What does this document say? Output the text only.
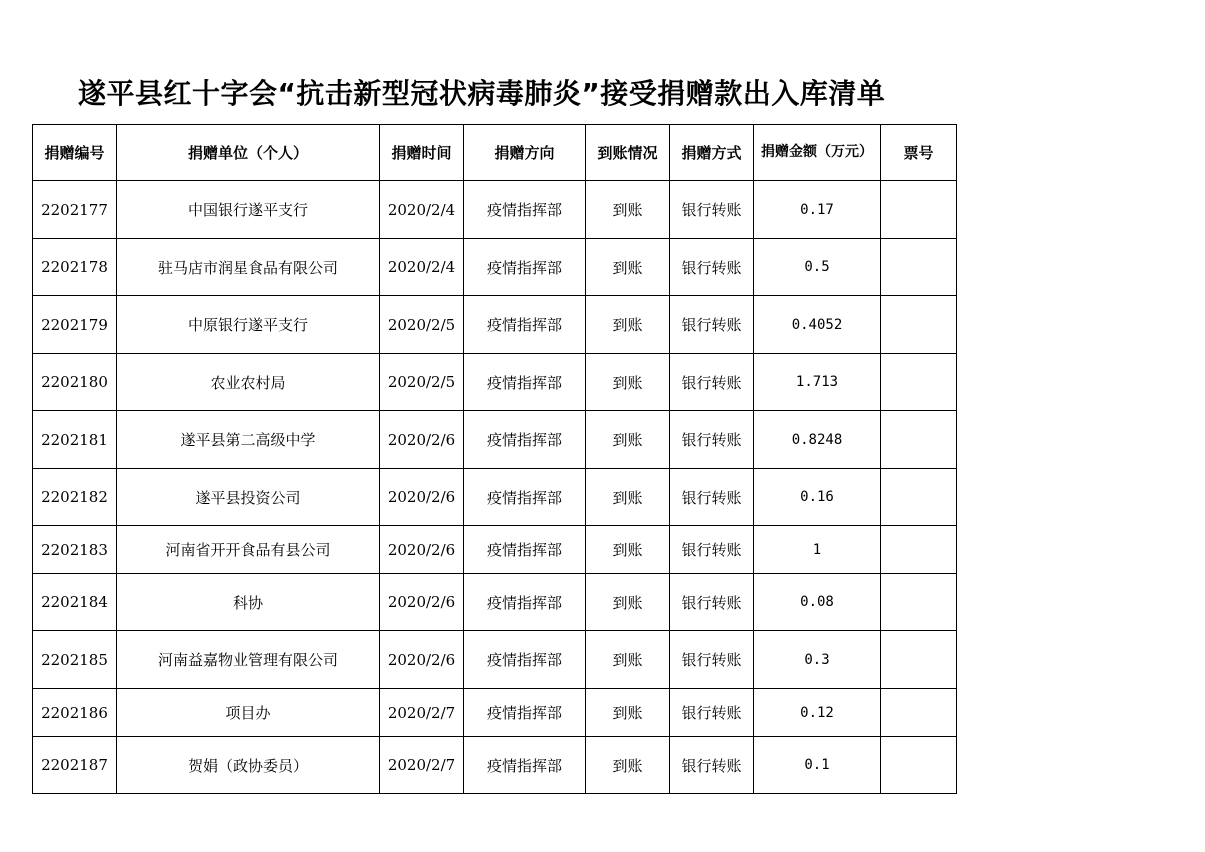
遂平县红十字会“抗击新型冠状病毒肺炎”接受捐赠款出入库清单
捐赠编号	捐赠单位（个人）	捐赠时间	捐赠方向	到账情况	捐赠方式	捐赠金额（万元）	票号
2202177	中国银行遂平支行	2020/2/4	疫情指挥部	到账	银行转账	0.17	
2202178	驻马店市润星食品有限公司	2020/2/4	疫情指挥部	到账	银行转账	0.5	
2202179	中原银行遂平支行	2020/2/5	疫情指挥部	到账	银行转账	0.4052	
2202180	农业农村局	2020/2/5	疫情指挥部	到账	银行转账	1.713	
2202181	遂平县第二高级中学	2020/2/6	疫情指挥部	到账	银行转账	0.8248	
2202182	遂平县投资公司	2020/2/6	疫情指挥部	到账	银行转账	0.16	
2202183	河南省开开食品有县公司	2020/2/6	疫情指挥部	到账	银行转账	1	
2202184	科协	2020/2/6	疫情指挥部	到账	银行转账	0.08	
2202185	河南益嘉物业管理有限公司	2020/2/6	疫情指挥部	到账	银行转账	0.3	
2202186	项目办	2020/2/7	疫情指挥部	到账	银行转账	0.12	
2202187	贺娟（政协委员）	2020/2/7	疫情指挥部	到账	银行转账	0.1	
